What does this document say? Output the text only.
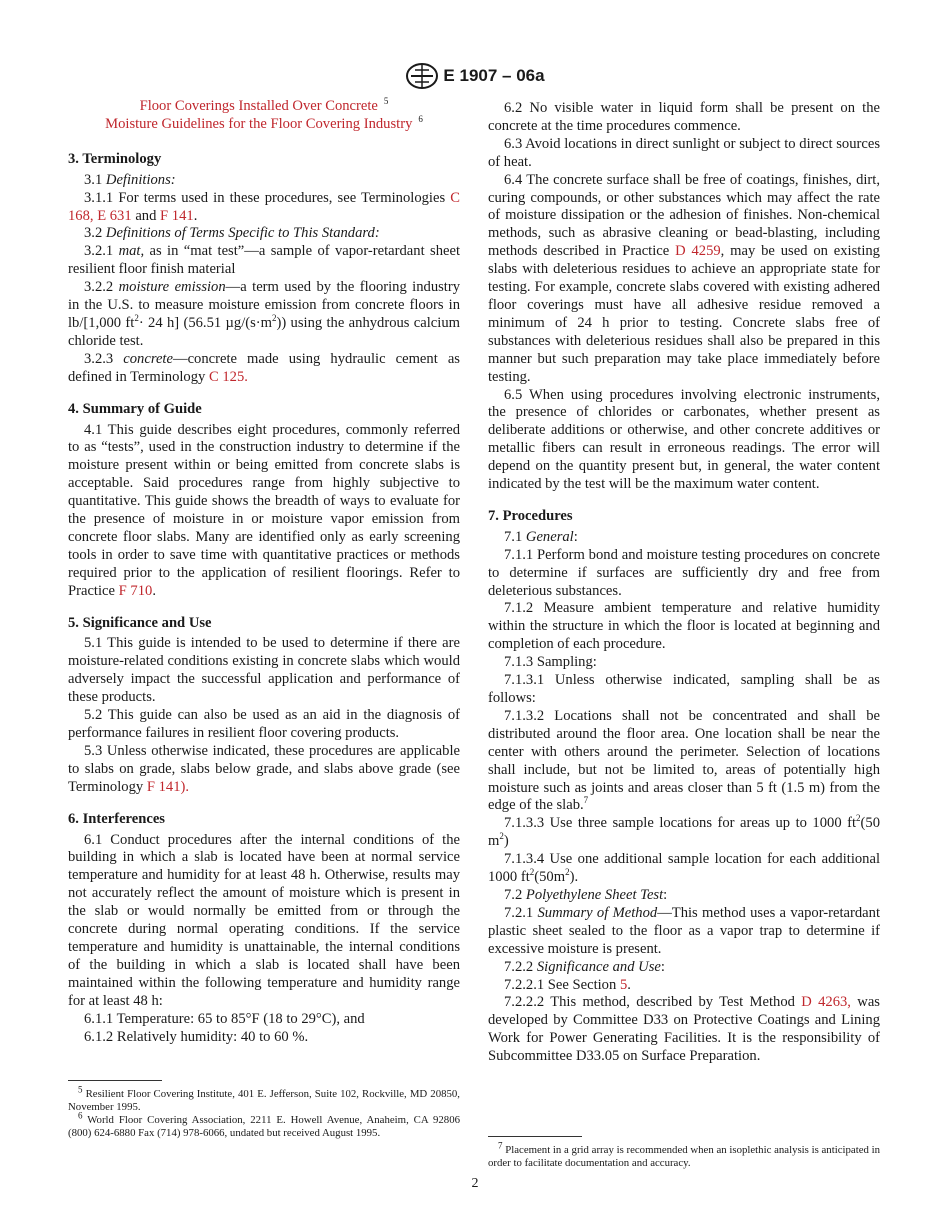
E 1907 – 06a

Floor Coverings Installed Over Concrete $^5$

Moisture Guidelines for the Floor Covering Industry $^6$

3. Terminology

3.1 Definitions:

3.1.1 For terms used in these procedures, see Terminologies C 168, E 631 and F 141.

3.2 Definitions of Terms Specific to This Standard:

3.2.1 mat, as in “mat test”—a sample of vapor-retardant sheet resilient floor finish material

3.2.2 moisture emission—a term used by the flooring industry in the U.S. to measure moisture emission from concrete floors in lb/[1,000 $ft^2\cdot 24$ h] (56.51 $\mu g/(s\cdot m^2)$) using the anhydrous calcium chloride test.

3.2.3 concrete—concrete made using hydraulic cement as defined in Terminology C 125.

4. Summary of Guide

4.1 This guide describes eight procedures, commonly referred to as “tests”, used in the construction industry to determine if the moisture present within or being emitted from concrete slabs is acceptable. Said procedures range from highly subjective to quantitative. This guide shows the breadth of ways to evaluate for the presence of moisture in or moisture vapor emission from concrete floor slabs. Many are identified only as early screening tools in order to save time with quantitative practices or methods required prior to the application of resilient floorings. Refer to Practice F 710.

5. Significance and Use

5.1 This guide is intended to be used to determine if there are moisture-related conditions existing in concrete slabs which would adversely impact the successful application and performance of these products.

5.2 This guide can also be used as an aid in the diagnosis of performance failures in resilient floor covering products.

5.3 Unless otherwise indicated, these procedures are applicable to slabs on grade, slabs below grade, and slabs above grade (see Terminology F 141).

6. Interferences

6.1 Conduct procedures after the internal conditions of the building in which a slab is located have been at normal service temperature and humidity for at least 48 h. Otherwise, results may not accurately reflect the amount of moisture which is present in the slab or would normally be emitted from or through the concrete during normal operating conditions. If the service temperature and humidity is unattainable, the internal conditions of the building in which a slab is located shall have been maintained within the following temperature and humidity range for at least 48 h:

6.1.1 Temperature: 65 to 85°F (18 to 29°C), and

6.1.2 Relatively humidity: 40 to 60 %.

6.2 No visible water in liquid form shall be present on the concrete at the time procedures commence.

6.3 Avoid locations in direct sunlight or subject to direct sources of heat.

6.4 The concrete surface shall be free of coatings, finishes, dirt, curing compounds, or other substances which may affect the rate of moisture dissipation or the adhesion of finishes. Non-chemical methods, such as abrasive cleaning or bead-blasting, including methods described in Practice D 4259, may be used on existing slabs with deleterious residues to achieve an appropriate state for testing. For example, concrete slabs covered with existing adhered floor coverings must have all adhesive residue removed a minimum of 24 h prior to testing. Concrete slabs free of substances with deleterious residues shall also be prepared in this manner but such preparation may take place immediately before testing.

6.5 When using procedures involving electronic instruments, the presence of chlorides or carbonates, whether present as deliberate additions or otherwise, and other concrete additives or metallic fibers can result in erroneous readings. The error will depend on the quantity present but, in general, the water content indicated by the test will be the maximum water content.

7. Procedures

7.1 General:

7.1.1 Perform bond and moisture testing procedures on concrete to determine if surfaces are sufficiently dry and free from deleterious substances.

7.1.2 Measure ambient temperature and relative humidity within the structure in which the floor is located at beginning and completion of each procedure.

7.1.3 Sampling:

7.1.3.1 Unless otherwise indicated, sampling shall be as follows:

7.1.3.2 Locations shall not be concentrated and shall be distributed around the floor area. One location shall be near the center with others around the perimeter. Selection of locations shall include, but not be limited to, areas of potentially high moisture such as joints and areas closer than 5 ft (1.5 m) from the edge of the slab.$^7$

7.1.3.3 Use three sample locations for areas up to 1000 $ft^2(50$ $m^2$)

7.1.3.4 Use one additional sample location for each additional 1000 $ft^2(50m^2)$.

7.2 Polyethylene Sheet Test:

7.2.1 Summary of Method—This method uses a vapor-retardant plastic sheet sealed to the floor as a vapor trap to determine if excessive moisture is present.

7.2.2 Significance and Use:

7.2.2.1 See Section 5.

7.2.2.2 This method, described by Test Method D 4263, was developed by Committee D33 on Protective Coatings and Lining Work for Power Generating Facilities. It is the responsibility of Subcommittee D33.05 on Surface Preparation.

$^5$ Resilient Floor Covering Institute, 401 E. Jefferson, Suite 102, Rockville, MD 20850, November 1995.

$^6$ World Floor Covering Association, 2211 E. Howell Avenue, Anaheim, CA 92806 (800) 624-6880 Fax (714) 978-6066, undated but received August 1995.

$^7$ Placement in a grid array is recommended when an isoplethic analysis is anticipated in order to facilitate documentation and accuracy.

2
